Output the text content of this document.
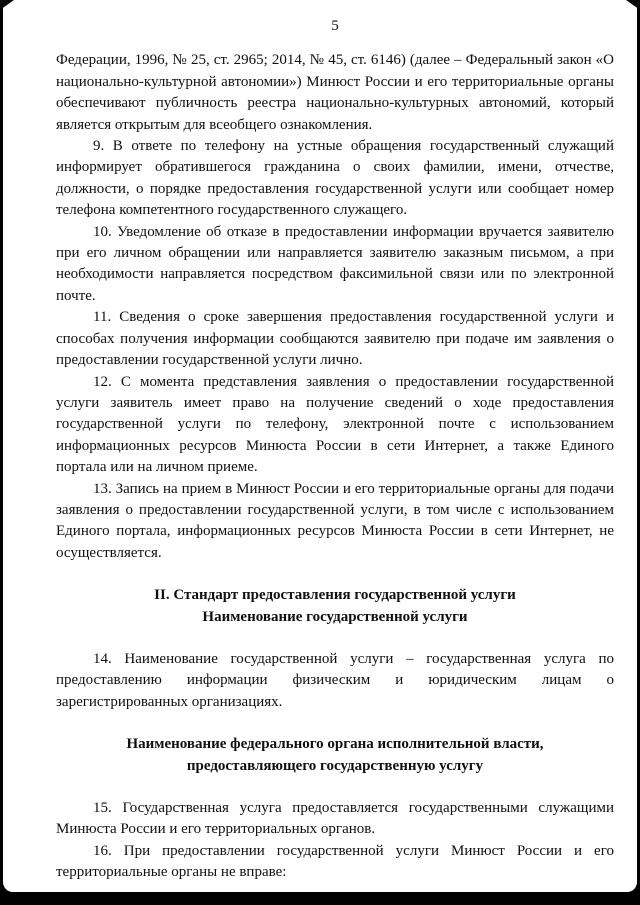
5

Федерации, 1996, № 25, ст. 2965; 2014, № 45, ст. 6146) (далее – Федеральный закон «О национально-культурной автономии») Минюст России и его территориальные органы обеспечивают публичность реестра национально-культурных автономий, который является открытым для всеобщего ознакомления.

9. В ответе по телефону на устные обращения государственный служащий информирует обратившегося гражданина о своих фамилии, имени, отчестве, должности, о порядке предоставления государственной услуги или сообщает номер телефона компетентного государственного служащего.

10. Уведомление об отказе в предоставлении информации вручается заявителю при его личном обращении или направляется заявителю заказным письмом, а при необходимости направляется посредством факсимильной связи или по электронной почте.

11. Сведения о сроке завершения предоставления государственной услуги и способах получения информации сообщаются заявителю при подаче им заявления о предоставлении государственной услуги лично.

12. С момента представления заявления о предоставлении государственной услуги заявитель имеет право на получение сведений о ходе предоставления государственной услуги по телефону, электронной почте с использованием информационных ресурсов Минюста России в сети Интернет, а также Единого портала или на личном приеме.

13. Запись на прием в Минюст России и его территориальные органы для подачи заявления о предоставлении государственной услуги, в том числе с использованием Единого портала, информационных ресурсов Минюста России в сети Интернет, не осуществляется.

II. Стандарт предоставления государственной услуги
Наименование государственной услуги

14. Наименование государственной услуги – государственная услуга по предоставлению информации физическим и юридическим лицам о зарегистрированных организациях.

Наименование федерального органа исполнительной власти,
предоставляющего государственную услугу

15. Государственная услуга предоставляется государственными служащими Минюста России и его территориальных органов.

16. При предоставлении государственной услуги Минюст России и его территориальные органы не вправе:
